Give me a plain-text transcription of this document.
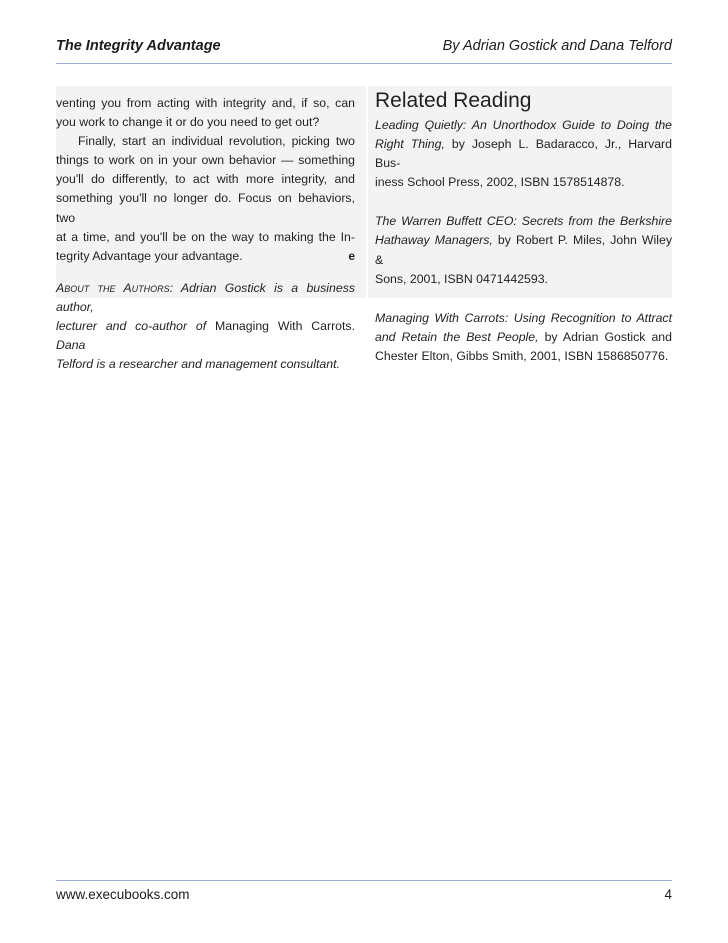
The Integrity Advantage	By Adrian Gostick and Dana Telford
venting you from acting with integrity and, if so, can
you work to change it or do you need to get out?
Finally, start an individual revolution, picking two
things to work on in your own behavior — something
you'll do differently, to act with more integrity, and
something you'll no longer do. Focus on behaviors, two
at a time, and you'll be on the way to making the In-
e
tegrity Advantage your advantage.
About the Authors: Adrian Gostick is a business author,
lecturer and co-author of Managing With Carrots. Dana
Telford is a researcher and management consultant.
Related Reading
Leading Quietly: An Unorthodox Guide to Doing the
Right Thing, by Joseph L. Badaracco, Jr., Harvard Bus-
iness School Press, 2002, ISBN 1578514878.
The Warren Buffett CEO: Secrets from the Berkshire
Hathaway Managers, by Robert P. Miles, John Wiley &
Sons, 2001, ISBN 0471442593.
Managing With Carrots: Using Recognition to Attract
and Retain the Best People, by Adrian Gostick and
Chester Elton, Gibbs Smith, 2001, ISBN 1586850776.
www.execubooks.com	4
